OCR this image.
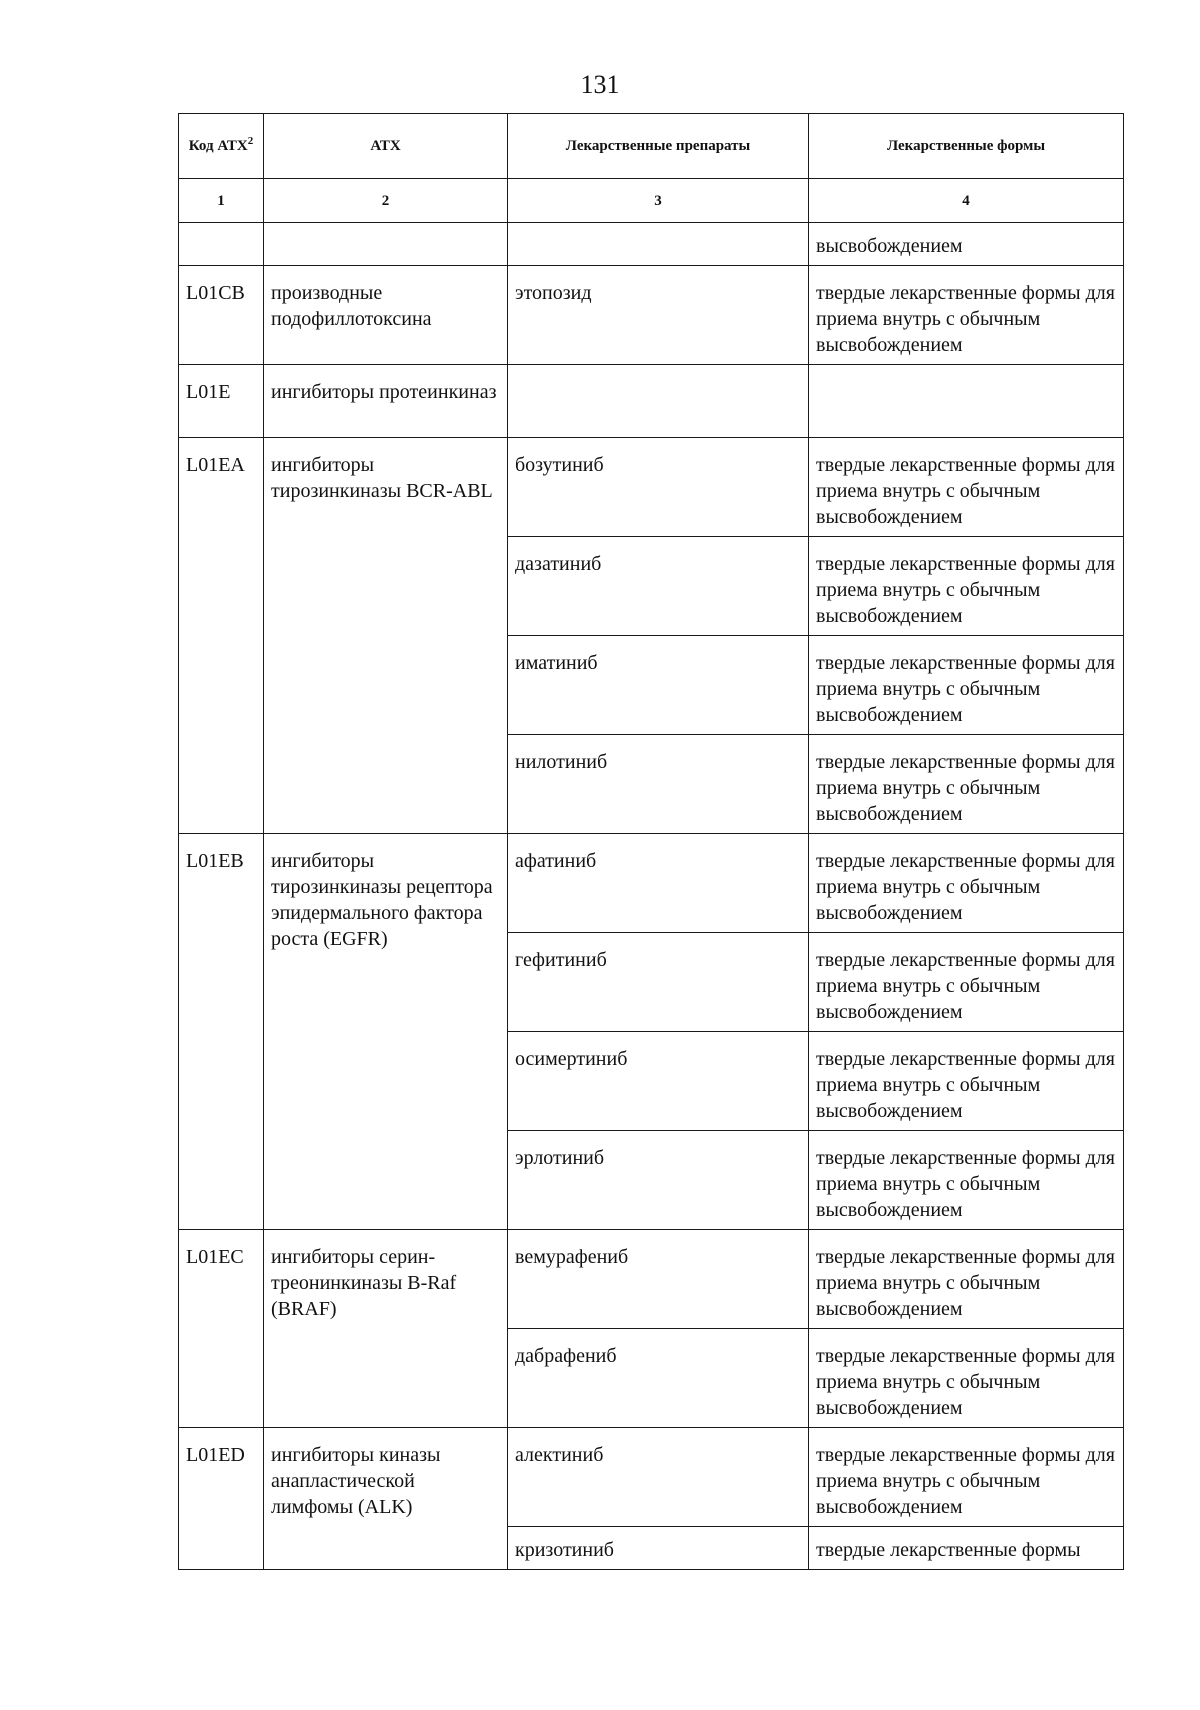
131
Код АТХ$^2$	АТХ	Лекарственные препараты	Лекарственные формы
1	2	3	4
			высвобождением
L01CB	производные подофиллотоксина	этопозид	твердые лекарственные формы для приема внутрь с обычным высвобождением
L01E	ингибиторы протеинкиназ		
L01EA	ингибиторы тирозинкиназы BCR-ABL	бозутиниб	твердые лекарственные формы для приема внутрь с обычным высвобождением
		дазатиниб	твердые лекарственные формы для приема внутрь с обычным высвобождением
		иматиниб	твердые лекарственные формы для приема внутрь с обычным высвобождением
		нилотиниб	твердые лекарственные формы для приема внутрь с обычным высвобождением
L01EB	ингибиторы тирозинкиназы рецептора эпидермального фактора роста (EGFR)	афатиниб	твердые лекарственные формы для приема внутрь с обычным высвобождением
		гефитиниб	твердые лекарственные формы для приема внутрь с обычным высвобождением
		осимертиниб	твердые лекарственные формы для приема внутрь с обычным высвобождением
		эрлотиниб	твердые лекарственные формы для приема внутрь с обычным высвобождением
L01EC	ингибиторы серин-треонинкиназы B-Raf (BRAF)	вемурафениб	твердые лекарственные формы для приема внутрь с обычным высвобождением
		дабрафениб	твердые лекарственные формы для приема внутрь с обычным высвобождением
L01ED	ингибиторы киназы анапластической лимфомы (ALK)	алектиниб	твердые лекарственные формы для приема внутрь с обычным высвобождением
		кризотиниб	твердые лекарственные формы
